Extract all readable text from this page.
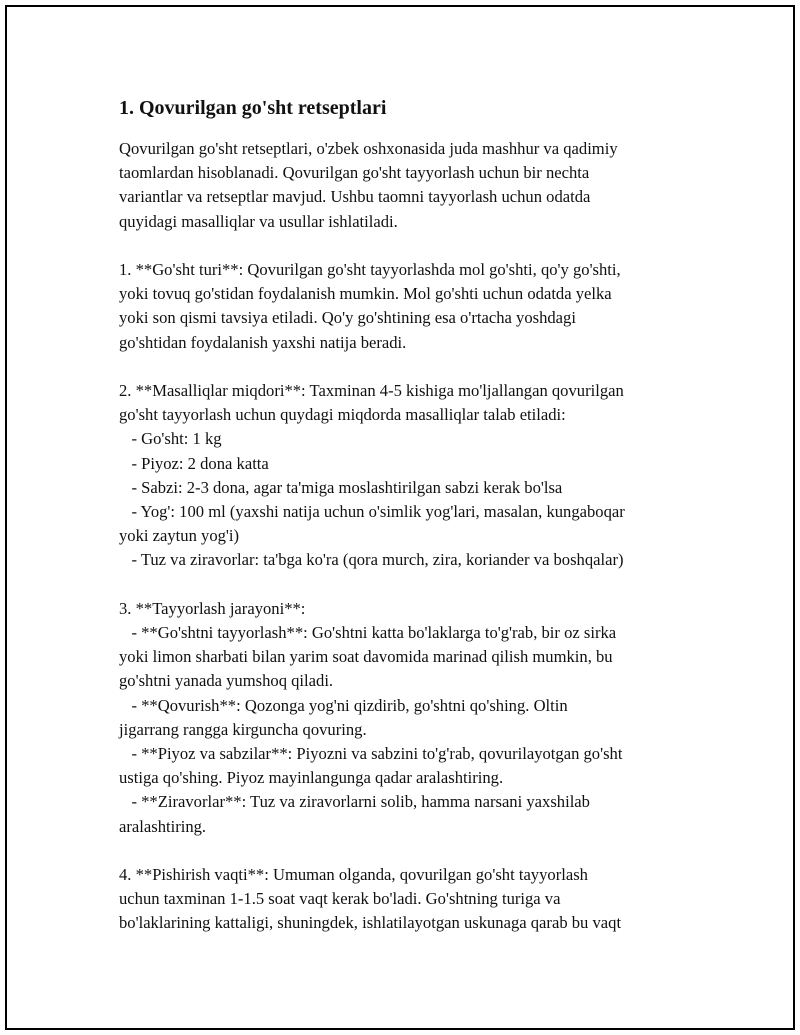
1. Qovurilgan go'sht retseptlari

Qovurilgan go'sht retseptlari, o'zbek oshxonasida juda mashhur va qadimiy

taomlardan hisoblanadi. Qovurilgan go'sht tayyorlash uchun bir nechta

variantlar va retseptlar mavjud. Ushbu taomni tayyorlash uchun odatda

quyidagi masalliqlar va usullar ishlatiladi.

1. **Go'sht turi**: Qovurilgan go'sht tayyorlashda mol go'shti, qo'y go'shti,

yoki tovuq go'stidan foydalanish mumkin. Mol go'shti uchun odatda yelka

yoki son qismi tavsiya etiladi. Qo'y go'shtining esa o'rtacha yoshdagi

go'shtidan foydalanish yaxshi natija beradi.

2. **Masalliqlar miqdori**: Taxminan 4-5 kishiga mo'ljallangan qovurilgan

go'sht tayyorlash uchun quydagi miqdorda masalliqlar talab etiladi:

- Go'sht: 1 kg

- Piyoz: 2 dona katta

- Sabzi: 2-3 dona, agar ta'miga moslashtirilgan sabzi kerak bo'lsa

- Yog': 100 ml (yaxshi natija uchun o'simlik yog'lari, masalan, kungaboqar

yoki zaytun yog'i)

- Tuz va ziravorlar: ta'bga ko'ra (qora murch, zira, koriander va boshqalar)

3. **Tayyorlash jarayoni**:

- **Go'shtni tayyorlash**: Go'shtni katta bo'laklarga to'g'rab, bir oz sirka

yoki limon sharbati bilan yarim soat davomida marinad qilish mumkin, bu

go'shtni yanada yumshoq qiladi.

- **Qovurish**: Qozonga yog'ni qizdirib, go'shtni qo'shing. Oltin

jigarrang rangga kirguncha qovuring.

- **Piyoz va sabzilar**: Piyozni va sabzini to'g'rab, qovurilayotgan go'sht

ustiga qo'shing. Piyoz mayinlangunga qadar aralashtiring.

- **Ziravorlar**: Tuz va ziravorlarni solib, hamma narsani yaxshilab

aralashtiring.

4. **Pishirish vaqti**: Umuman olganda, qovurilgan go'sht tayyorlash

uchun taxminan 1-1.5 soat vaqt kerak bo'ladi. Go'shtning turiga va

bo'laklarining kattaligi, shuningdek, ishlatilayotgan uskunaga qarab bu vaqt
